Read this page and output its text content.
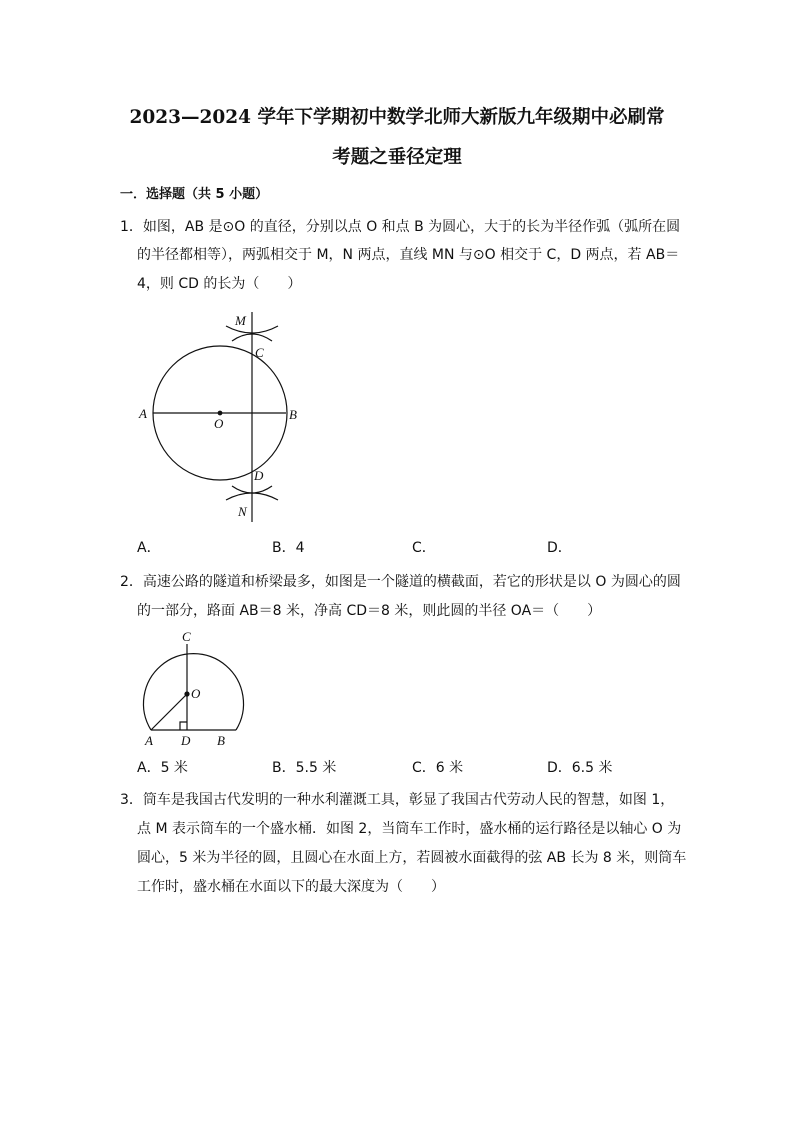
2023—2024 学年下学期初中数学北师大新版九年级期中必刷常
考题之垂径定理
一．选择题（共 5 小题）
1．如图，AB 是⊙O 的直径，分别以点 O 和点 B 为圆心，大于的长为半径作弧（弧所在圆
的半径都相等），两弧相交于 M，N 两点，直线 MN 与⊙O 相交于 C，D 两点，若 AB＝
4，则 CD 的长为（　　）
M
C
A
O
B
D
N
C
O
A D B
A．	B．4	C．	D．
2．高速公路的隧道和桥梁最多，如图是一个隧道的横截面，若它的形状是以 O 为圆心的圆
的一部分，路面 AB＝8 米，净高 CD＝8 米，则此圆的半径 OA＝（　　）
A．5 米	B．5.5 米	C．6 米	D．6.5 米
3．筒车是我国古代发明的一种水利灌溉工具，彰显了我国古代劳动人民的智慧，如图 1，
点 M 表示筒车的一个盛水桶．如图 2，当筒车工作时，盛水桶的运行路径是以轴心 O 为
圆心，5 米为半径的圆，且圆心在水面上方，若圆被水面截得的弦 AB 长为 8 米，则筒车
工作时，盛水桶在水面以下的最大深度为（　　）
